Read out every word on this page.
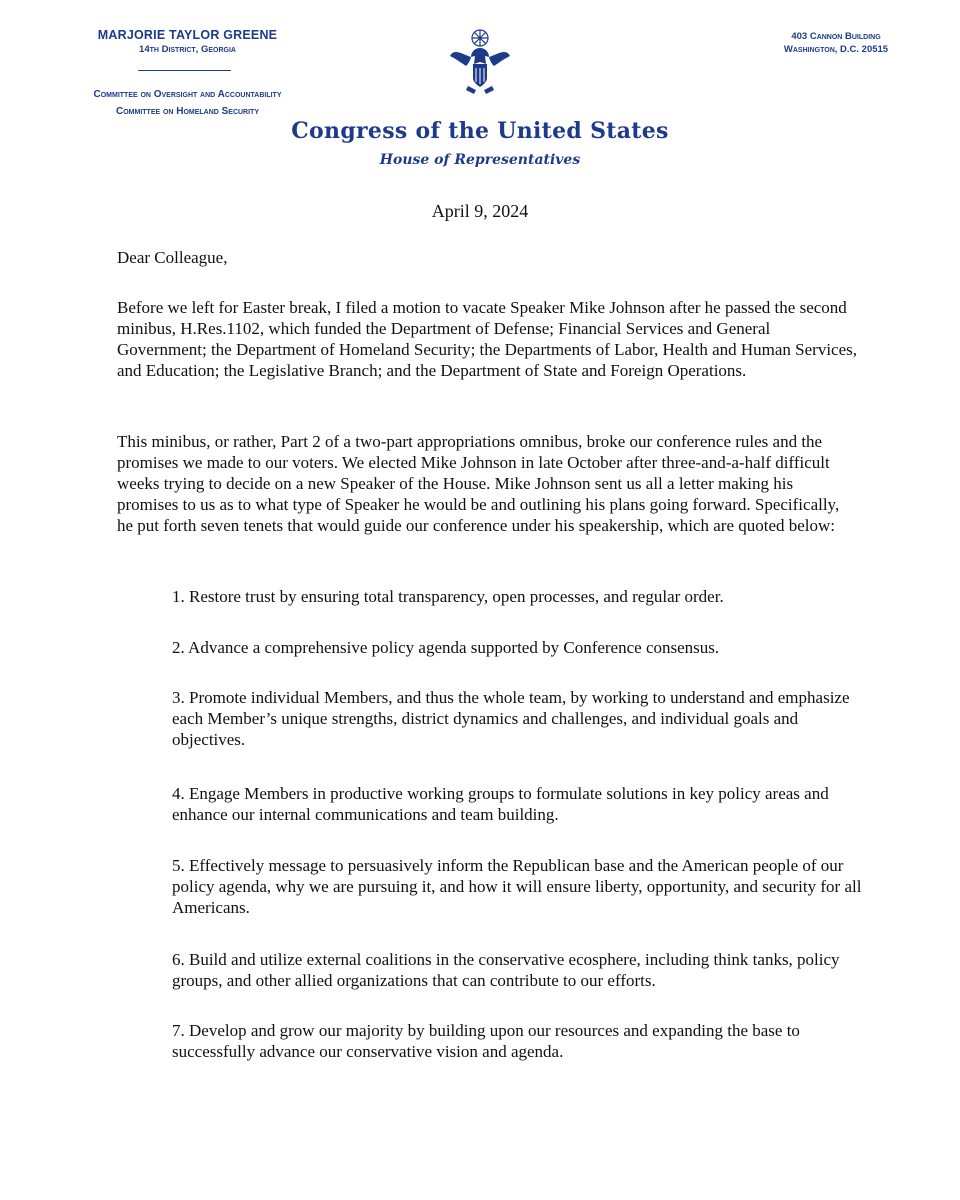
MARJORIE TAYLOR GREENE
14th District, Georgia
Committee on Oversight and Accountability
Committee on Homeland Security
403 Cannon Building
Washington, D.C. 20515
Congress of the United States
House of Representatives
April 9, 2024
Dear Colleague,
Before we left for Easter break, I filed a motion to vacate Speaker Mike Johnson after he passed the second minibus, H.Res.1102, which funded the Department of Defense; Financial Services and General Government; the Department of Homeland Security; the Departments of Labor, Health and Human Services, and Education; the Legislative Branch; and the Department of State and Foreign Operations.
This minibus, or rather, Part 2 of a two-part appropriations omnibus, broke our conference rules and the promises we made to our voters. We elected Mike Johnson in late October after three-and-a-half difficult weeks trying to decide on a new Speaker of the House. Mike Johnson sent us all a letter making his promises to us as to what type of Speaker he would be and outlining his plans going forward. Specifically, he put forth seven tenets that would guide our conference under his speakership, which are quoted below:
1. Restore trust by ensuring total transparency, open processes, and regular order.
2. Advance a comprehensive policy agenda supported by Conference consensus.
3. Promote individual Members, and thus the whole team, by working to understand and emphasize each Member’s unique strengths, district dynamics and challenges, and individual goals and objectives.
4. Engage Members in productive working groups to formulate solutions in key policy areas and enhance our internal communications and team building.
5. Effectively message to persuasively inform the Republican base and the American people of our policy agenda, why we are pursuing it, and how it will ensure liberty, opportunity, and security for all Americans.
6. Build and utilize external coalitions in the conservative ecosphere, including think tanks, policy groups, and other allied organizations that can contribute to our efforts.
7. Develop and grow our majority by building upon our resources and expanding the base to successfully advance our conservative vision and agenda.
